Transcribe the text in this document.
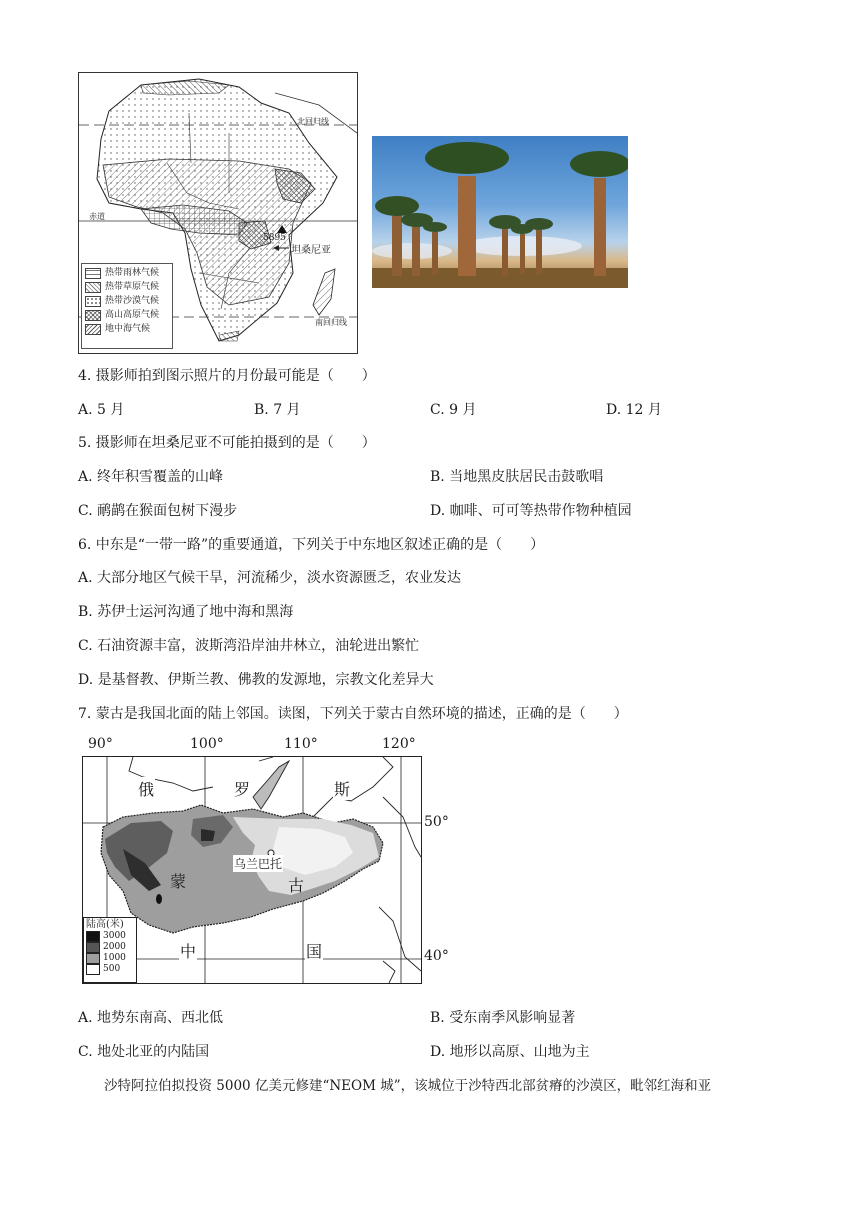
北回归线
赤道
南回归线
5895
坦桑尼亚
热带雨林气候
热带草原气候
热带沙漠气候
高山高原气候
地中海气候
4. 摄影师拍到图示照片的月份最可能是（　　）
A. 5 月	B. 7 月	C. 9 月	D. 12 月
5. 摄影师在坦桑尼亚不可能拍摄到的是（　　）
A. 终年积雪覆盖的山峰	B. 当地黑皮肤居民击鼓歌唱
C. 鸸鹋在猴面包树下漫步	D. 咖啡、可可等热带作物种植园
6. 中东是“一带一路”的重要通道，下列关于中东地区叙述正确的是（　　）
A. 大部分地区气候干旱，河流稀少，淡水资源匮乏，农业发达
B. 苏伊士运河沟通了地中海和黑海
C. 石油资源丰富，波斯湾沿岸油井林立，油轮进出繁忙
D. 是基督教、伊斯兰教、佛教的发源地，宗教文化差异大
7. 蒙古是我国北面的陆上邻国。读图，下列关于蒙古自然环境的描述，正确的是（　　）
90°	100°	110°	120°
50°
40°
俄	罗	斯
蒙	古
中	国
乌兰巴托
陆高(米)
3000
2000
1000
500
A. 地势东南高、西北低	B. 受东南季风影响显著
C. 地处北亚的内陆国	D. 地形以高原、山地为主
沙特阿拉伯拟投资 5000 亿美元修建“NEOM 城”，该城位于沙特西北部贫瘠的沙漠区，毗邻红海和亚
